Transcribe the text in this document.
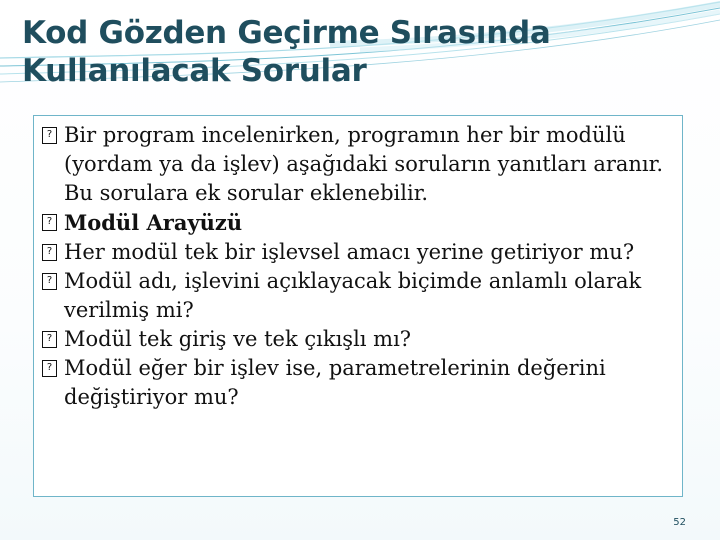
Kod Gözden Geçirme Sırasında
Kullanılacak Sorular
? Bir program incelenirken, programın her bir modülü (yordam ya da işlev) aşağıdaki soruların yanıtları aranır. Bu sorulara ek sorular eklenebilir.
? Modül Arayüzü
? Her modül tek bir işlevsel amacı yerine getiriyor mu?
? Modül adı, işlevini açıklayacak biçimde anlamlı olarak verilmiş mi?
? Modül tek giriş ve tek çıkışlı mı?
? Modül eğer bir işlev ise, parametrelerinin değerini değiştiriyor mu?
52
